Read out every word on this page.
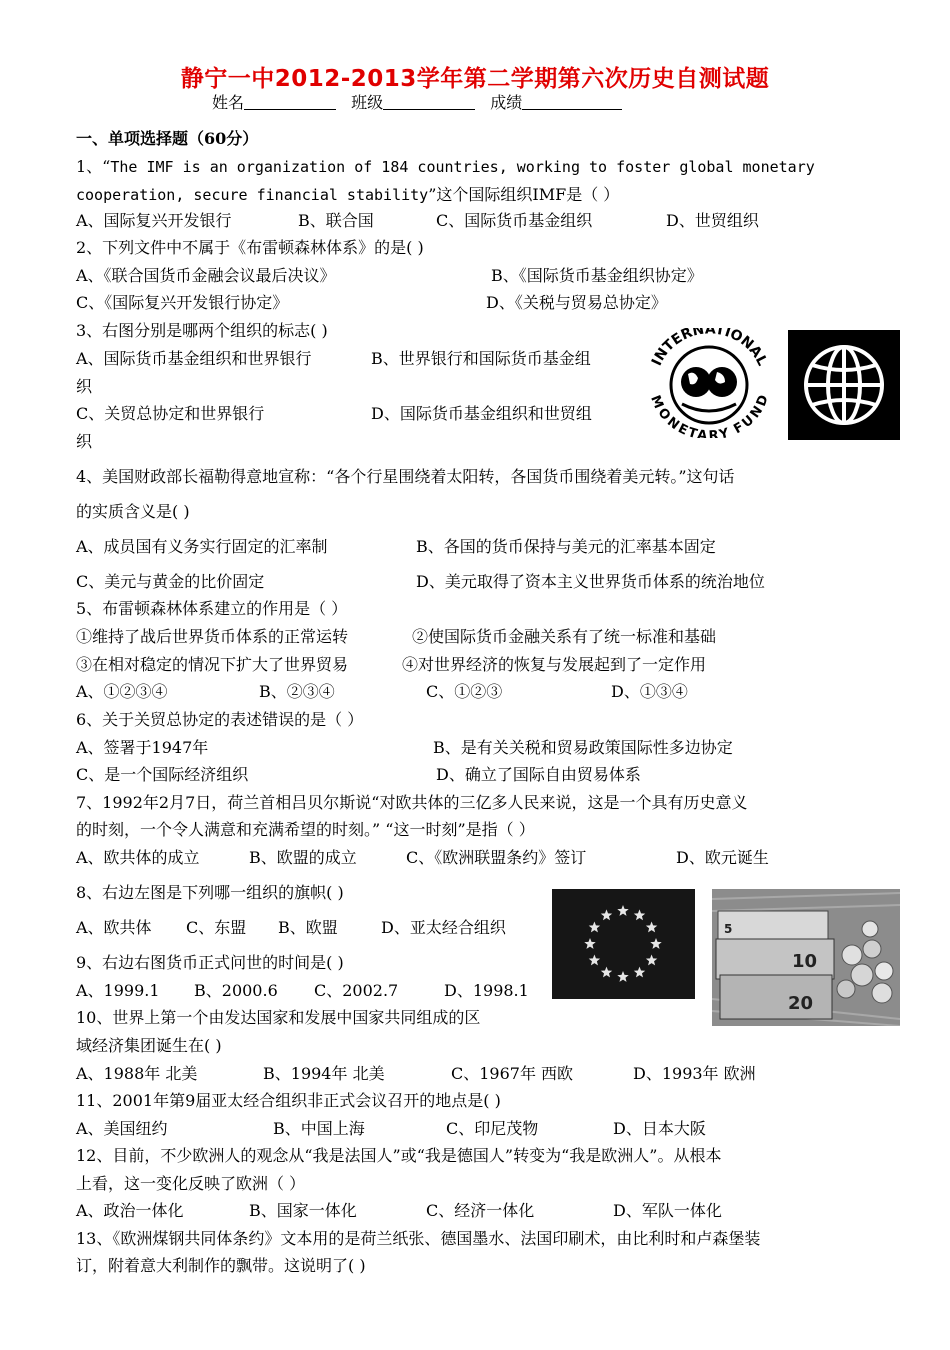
静宁一中2012-2013学年第二学期第六次历史自测试题
姓名	班级	成绩
一、单项选择题（60分）
1、“The IMF is an organization of 184 countries, working to foster global monetary
cooperation, secure financial stability”这个国际组织IMF是（ ）
A、国际复兴开发银行	B、联合国	C、国际货币基金组织	D、世贸组织
2、下列文件中不属于《布雷顿森林体系》的是( )
A、《联合国货币金融会议最后决议》	B、《国际货币基金组织协定》
C、《国际复兴开发银行协定》	D、《关税与贸易总协定》
3、右图分别是哪两个组织的标志( )
A、国际货币基金组织和世界银行	B、世界银行和国际货币基金组
织
C、关贸总协定和世界银行	D、国际货币基金组织和世贸组
织
INTERNATIONAL
MONETARY FUND
4、美国财政部长福勒得意地宣称：“各个行星围绕着太阳转，各国货币围绕着美元转。”这句话
的实质含义是( )
A、成员国有义务实行固定的汇率制	B、各国的货币保持与美元的汇率基本固定
C、美元与黄金的比价固定	D、美元取得了资本主义世界货币体系的统治地位
5、布雷顿森林体系建立的作用是（ ）
①维持了战后世界货币体系的正常运转	②使国际货币金融关系有了统一标准和基础
③在相对稳定的情况下扩大了世界贸易	④对世界经济的恢复与发展起到了一定作用
A、①②③④	B、②③④	C、①②③	D、①③④
6、关于关贸总协定的表述错误的是（ ）
A、签署于1947年	B、是有关关税和贸易政策国际性多边协定
C、是一个国际经济组织	D、确立了国际自由贸易体系
7、1992年2月7日，荷兰首相吕贝尔斯说“对欧共体的三亿多人民来说，这是一个具有历史意义
的时刻，一个令人满意和充满希望的时刻。” “这一时刻”是指（ ）
A、欧共体的成立	B、欧盟的成立	C、《欧洲联盟条约》签订	D、欧元诞生
8、右边左图是下列哪一组织的旗帜( )
A、欧共体 C、东盟 B、欧盟	D、亚太经合组织
9、右边右图货币正式问世的时间是( )
A、1999.1 B、2000.6 C、2002.7	D、1998.1
5
10
20
10、世界上第一个由发达国家和发展中国家共同组成的区
域经济集团诞生在( )
A、1988年 北美	B、1994年 北美	C、1967年 西欧	D、1993年 欧洲
11、2001年第9届亚太经合组织非正式会议召开的地点是( )
A、美国纽约	B、中国上海	C、印尼茂物	D、日本大阪
12、目前，不少欧洲人的观念从“我是法国人”或“我是德国人”转变为“我是欧洲人”。从根本
上看，这一变化反映了欧洲（ ）
A、政治一体化	B、国家一体化	C、经济一体化	D、军队一体化
13、《欧洲煤钢共同体条约》文本用的是荷兰纸张、德国墨水、法国印刷术，由比利时和卢森堡装
订，附着意大利制作的飘带。这说明了( )
